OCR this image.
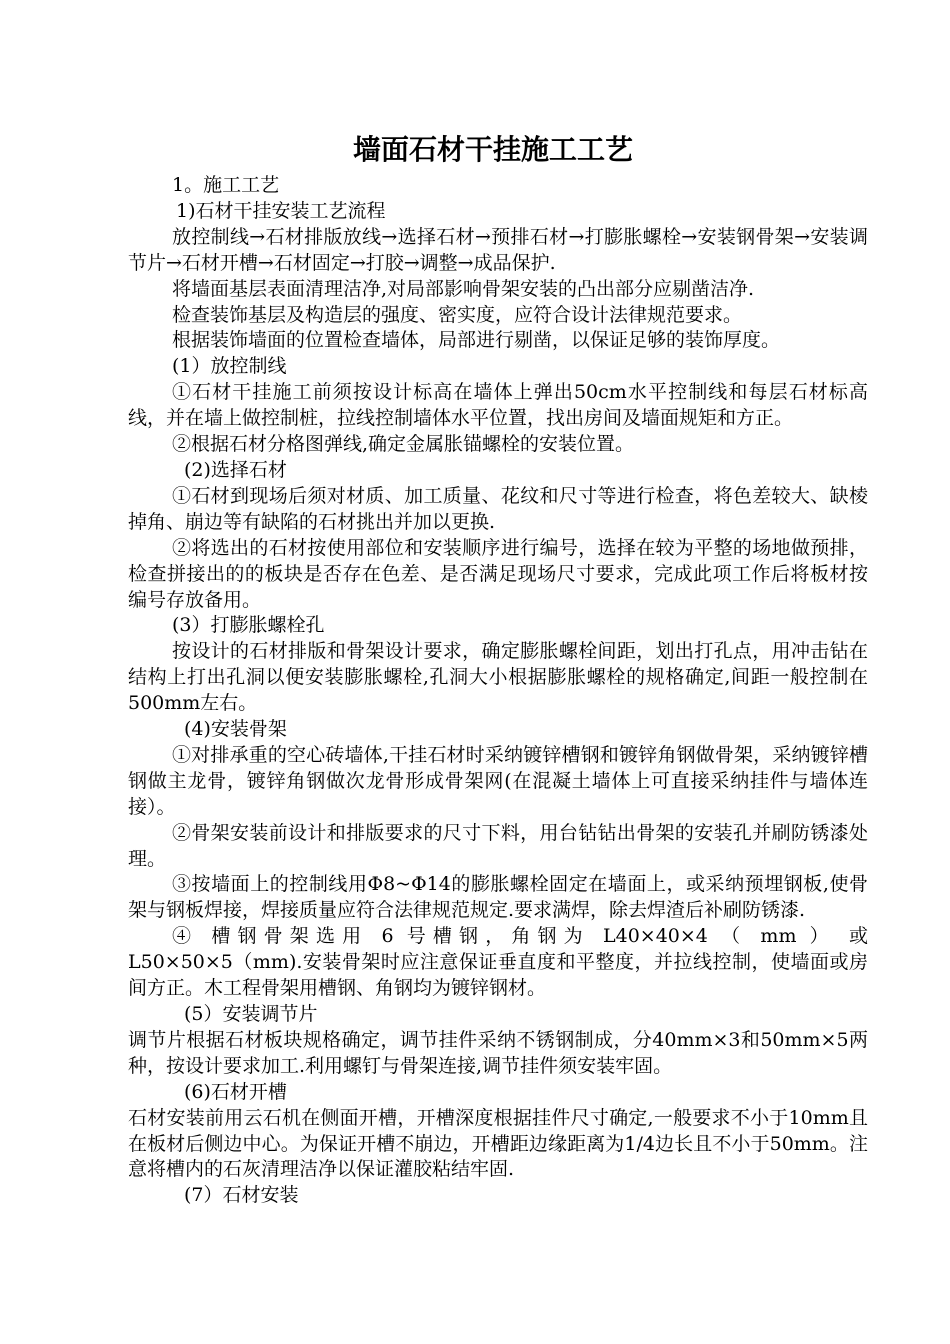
墙面石材干挂施工工艺

1。施工工艺

1)石材干挂安装工艺流程

放控制线→石材排版放线→选择石材→预排石材→打膨胀螺栓→安装钢骨架→安装调节片→石材开槽→石材固定→打胶→调整→成品保护.

将墙面基层表面清理洁净,对局部影响骨架安装的凸出部分应剔凿洁净.

检查装饰基层及构造层的强度、密实度，应符合设计法律规范要求。

根据装饰墙面的位置检查墙体，局部进行剔凿，以保证足够的装饰厚度。

(1）放控制线

①石材干挂施工前须按设计标高在墙体上弹出50cm水平控制线和每层石材标高线，并在墙上做控制桩，拉线控制墙体水平位置，找出房间及墙面规矩和方正。

②根据石材分格图弹线,确定金属胀锚螺栓的安装位置。

(2)选择石材

①石材到现场后须对材质、加工质量、花纹和尺寸等进行检查，将色差较大、缺棱掉角、崩边等有缺陷的石材挑出并加以更换.

②将选出的石材按使用部位和安装顺序进行编号，选择在较为平整的场地做预排，检查拼接出的的板块是否存在色差、是否满足现场尺寸要求，完成此项工作后将板材按编号存放备用。

(3）打膨胀螺栓孔

按设计的石材排版和骨架设计要求，确定膨胀螺栓间距，划出打孔点，用冲击钻在结构上打出孔洞以便安装膨胀螺栓,孔洞大小根据膨胀螺栓的规格确定,间距一般控制在500mm左右。

(4)安装骨架

①对排承重的空心砖墙体,干挂石材时采纳镀锌槽钢和镀锌角钢做骨架，采纳镀锌槽钢做主龙骨，镀锌角钢做次龙骨形成骨架网(在混凝土墙体上可直接采纳挂件与墙体连接）。

②骨架安装前设计和排版要求的尺寸下料，用台钻钻出骨架的安装孔并刷防锈漆处理。

③按墙面上的控制线用Φ8~Φ14的膨胀螺栓固定在墙面上，或采纳预埋钢板,使骨架与钢板焊接，焊接质量应符合法律规范规定.要求满焊，除去焊渣后补刷防锈漆.

④ 槽钢骨架选用 6 号槽钢，角钢为 L40×40×4 （ mm ） 或

L50×50×5（mm).安装骨架时应注意保证垂直度和平整度，并拉线控制，使墙面或房间方正。木工程骨架用槽钢、角钢均为镀锌钢材。

(5）安装调节片

调节片根据石材板块规格确定，调节挂件采纳不锈钢制成，分40mm×3和50mm×5两种，按设计要求加工.利用螺钉与骨架连接,调节挂件须安装牢固。

(6)石材开槽

石材安装前用云石机在侧面开槽，开槽深度根据挂件尺寸确定,一般要求不小于10mm且在板材后侧边中心。为保证开槽不崩边，开槽距边缘距离为1/4边长且不小于50mm。注意将槽内的石灰清理洁净以保证灌胶粘结牢固.

(7）石材安装
